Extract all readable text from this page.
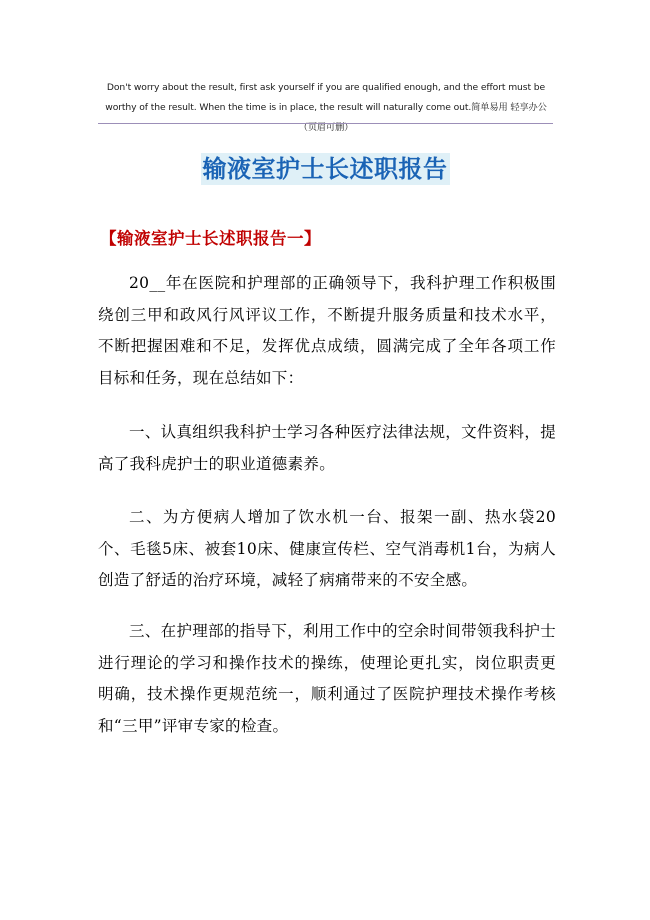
Don't worry about the result, first ask yourself if you are qualified enough, and the effort must be worthy of the result. When the time is in place, the result will naturally come out.简单易用 轻享办公（页眉可删）
输液室护士长述职报告
【输液室护士长述职报告一】

20__年在医院和护理部的正确领导下，我科护理工作积极围绕创三甲和政风行风评议工作，不断提升服务质量和技术水平，不断把握困难和不足，发挥优点成绩，圆满完成了全年各项工作目标和任务，现在总结如下：

一、认真组织我科护士学习各种医疗法律法规，文件资料，提高了我科虎护士的职业道德素养。

二、为方便病人增加了饮水机一台、报架一副、热水袋20个、毛毯5床、被套10床、健康宣传栏、空气消毒机1台，为病人创造了舒适的治疗环境，减轻了病痛带来的不安全感。

三、在护理部的指导下，利用工作中的空余时间带领我科护士进行理论的学习和操作技术的操练，使理论更扎实，岗位职责更明确，技术操作更规范统一，顺利通过了医院护理技术操作考核和“三甲”评审专家的检查。
